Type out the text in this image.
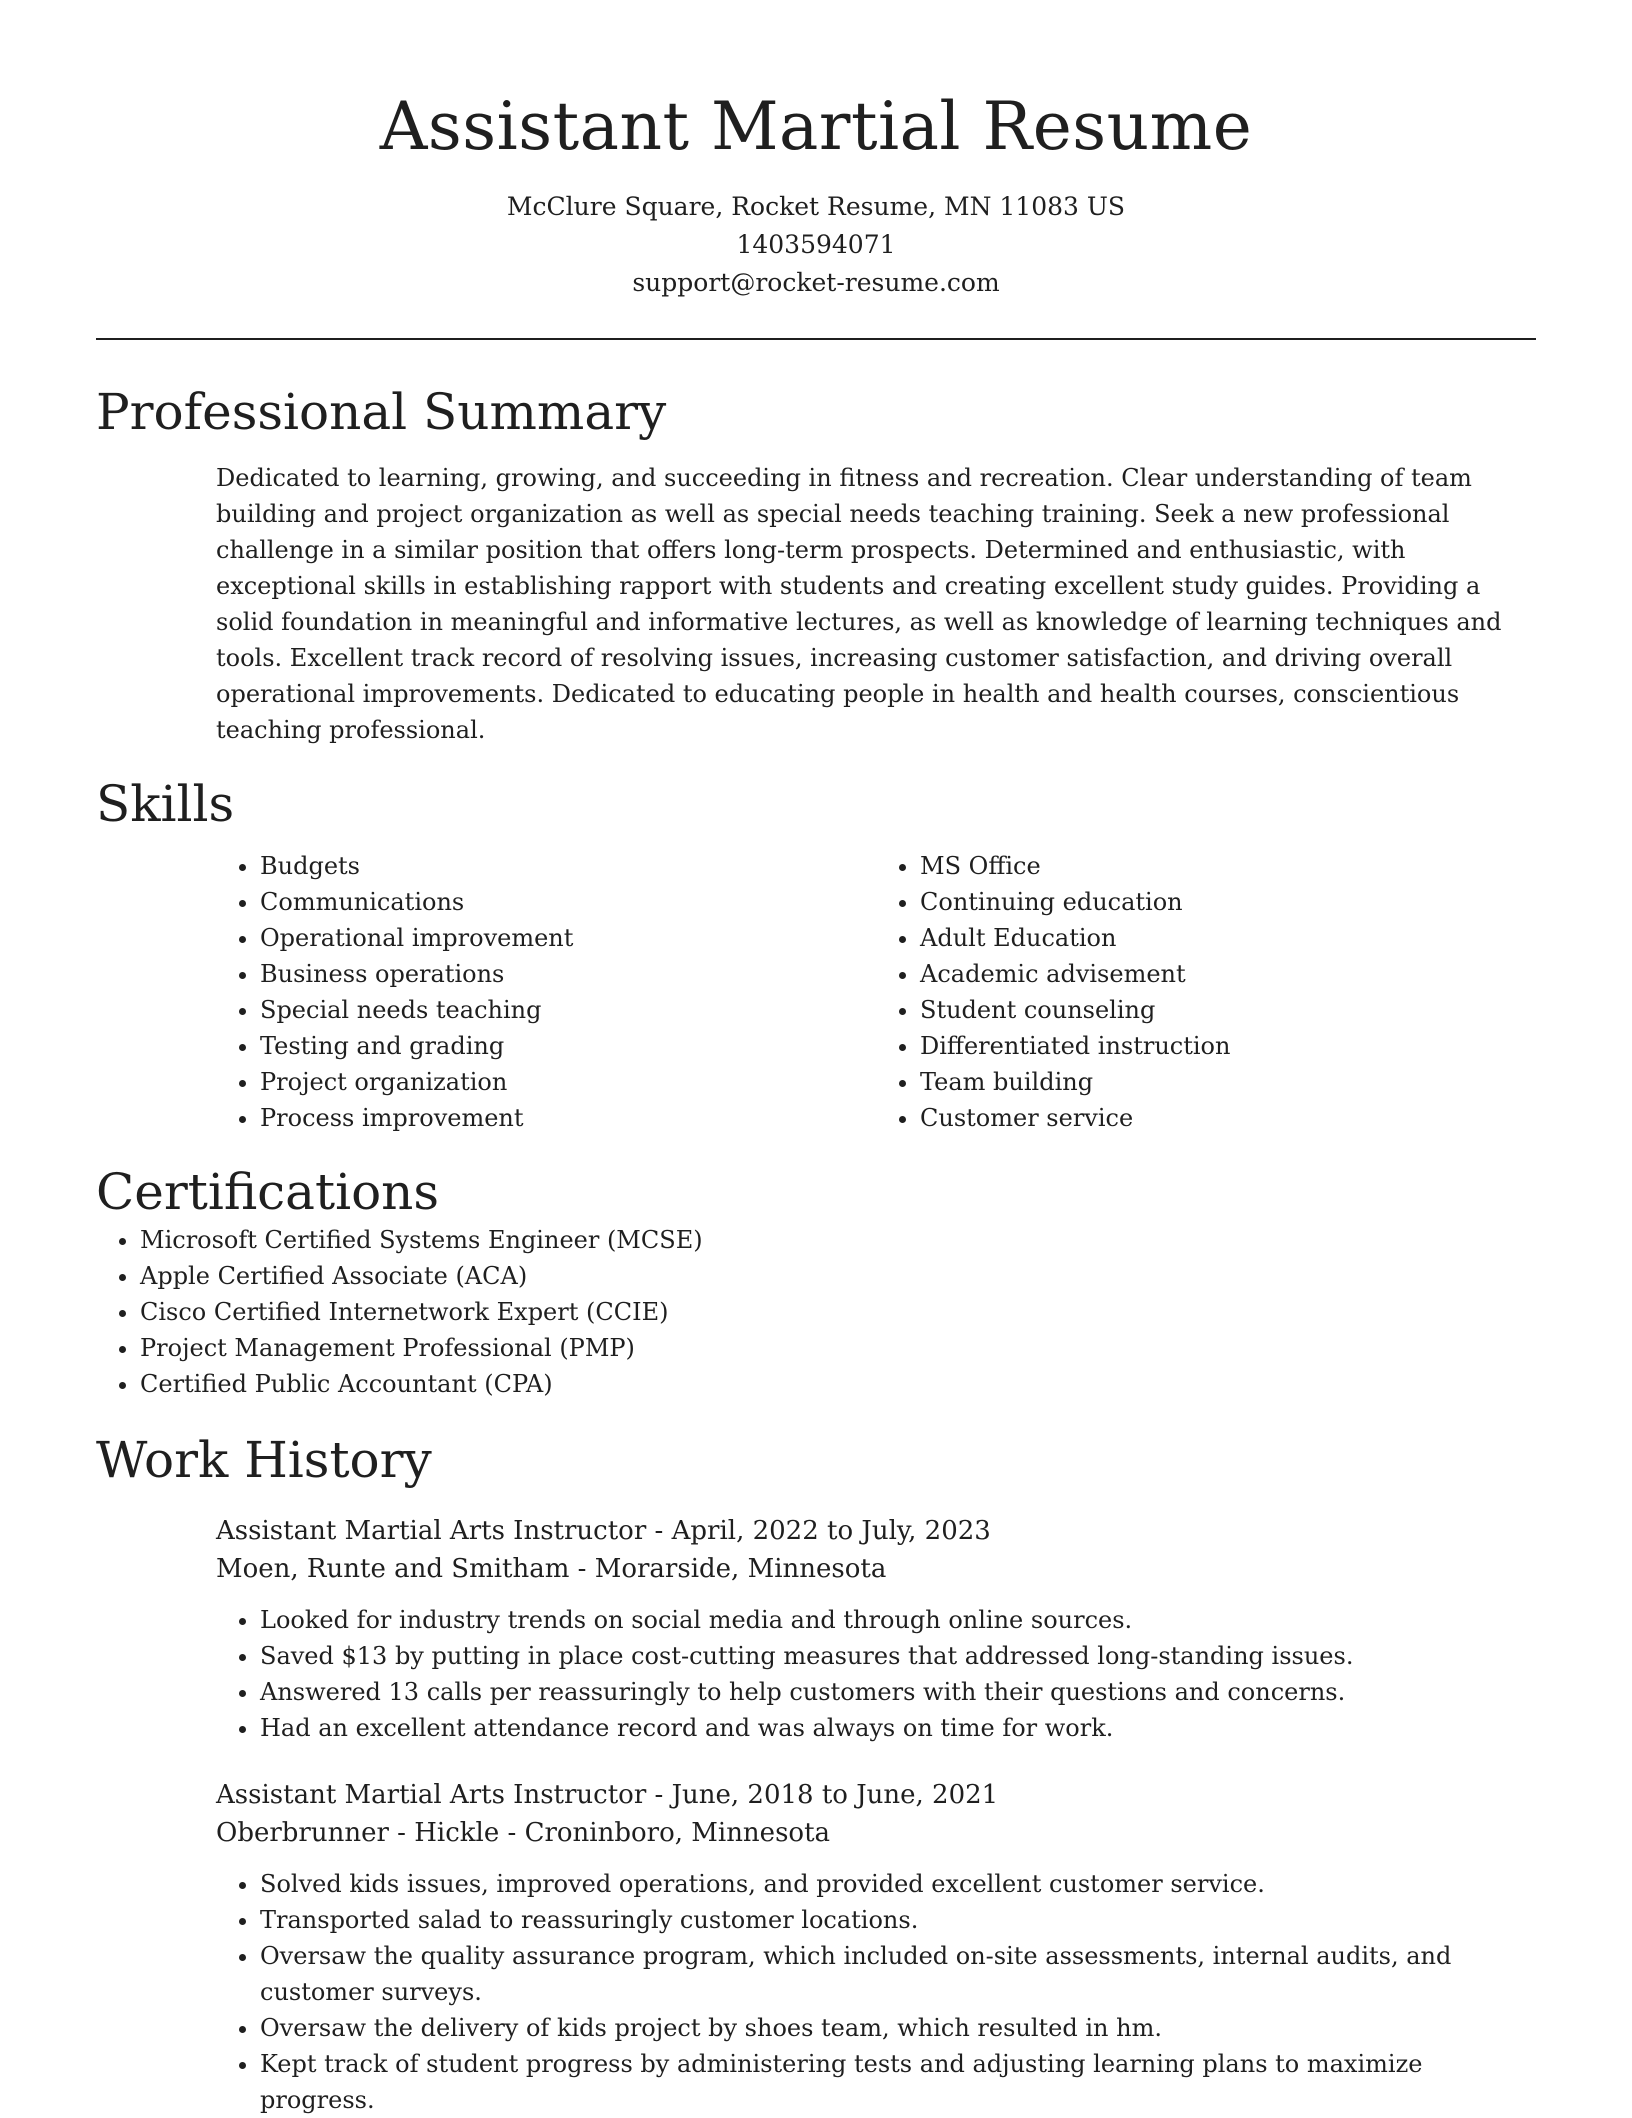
Assistant Martial Resume
McClure Square, Rocket Resume, MN 11083 US
1403594071
support@rocket-resume.com
Professional Summary

Dedicated to learning, growing, and succeeding in fitness and recreation. Clear understanding of team building and project organization as well as special needs teaching training. Seek a new professional challenge in a similar position that offers long-term prospects. Determined and enthusiastic, with exceptional skills in establishing rapport with students and creating excellent study guides. Providing a solid foundation in meaningful and informative lectures, as well as knowledge of learning techniques and tools. Excellent track record of resolving issues, increasing customer satisfaction, and driving overall operational improvements. Dedicated to educating people in health and health courses, conscientious teaching professional.

Skills
• Budgets
• Communications
• Operational improvement
• Business operations
• Special needs teaching
• Testing and grading
• Project organization
• Process improvement
• MS Office
• Continuing education
• Adult Education
• Academic advisement
• Student counseling
• Differentiated instruction
• Team building
• Customer service
Certifications
• Microsoft Certified Systems Engineer (MCSE)
• Apple Certified Associate (ACA)
• Cisco Certified Internetwork Expert (CCIE)
• Project Management Professional (PMP)
• Certified Public Accountant (CPA)
Work History
Assistant Martial Arts Instructor - April, 2022 to July, 2023
Moen, Runte and Smitham - Morarside, Minnesota
• Looked for industry trends on social media and through online sources.
• Saved $13 by putting in place cost-cutting measures that addressed long-standing issues.
• Answered 13 calls per reassuringly to help customers with their questions and concerns.
• Had an excellent attendance record and was always on time for work.
Assistant Martial Arts Instructor - June, 2018 to June, 2021
Oberbrunner - Hickle - Croninboro, Minnesota
• Solved kids issues, improved operations, and provided excellent customer service.
• Transported salad to reassuringly customer locations.
• Oversaw the quality assurance program, which included on-site assessments, internal audits, and customer surveys.
• Oversaw the delivery of kids project by shoes team, which resulted in hm.
• Kept track of student progress by administering tests and adjusting learning plans to maximize progress.
